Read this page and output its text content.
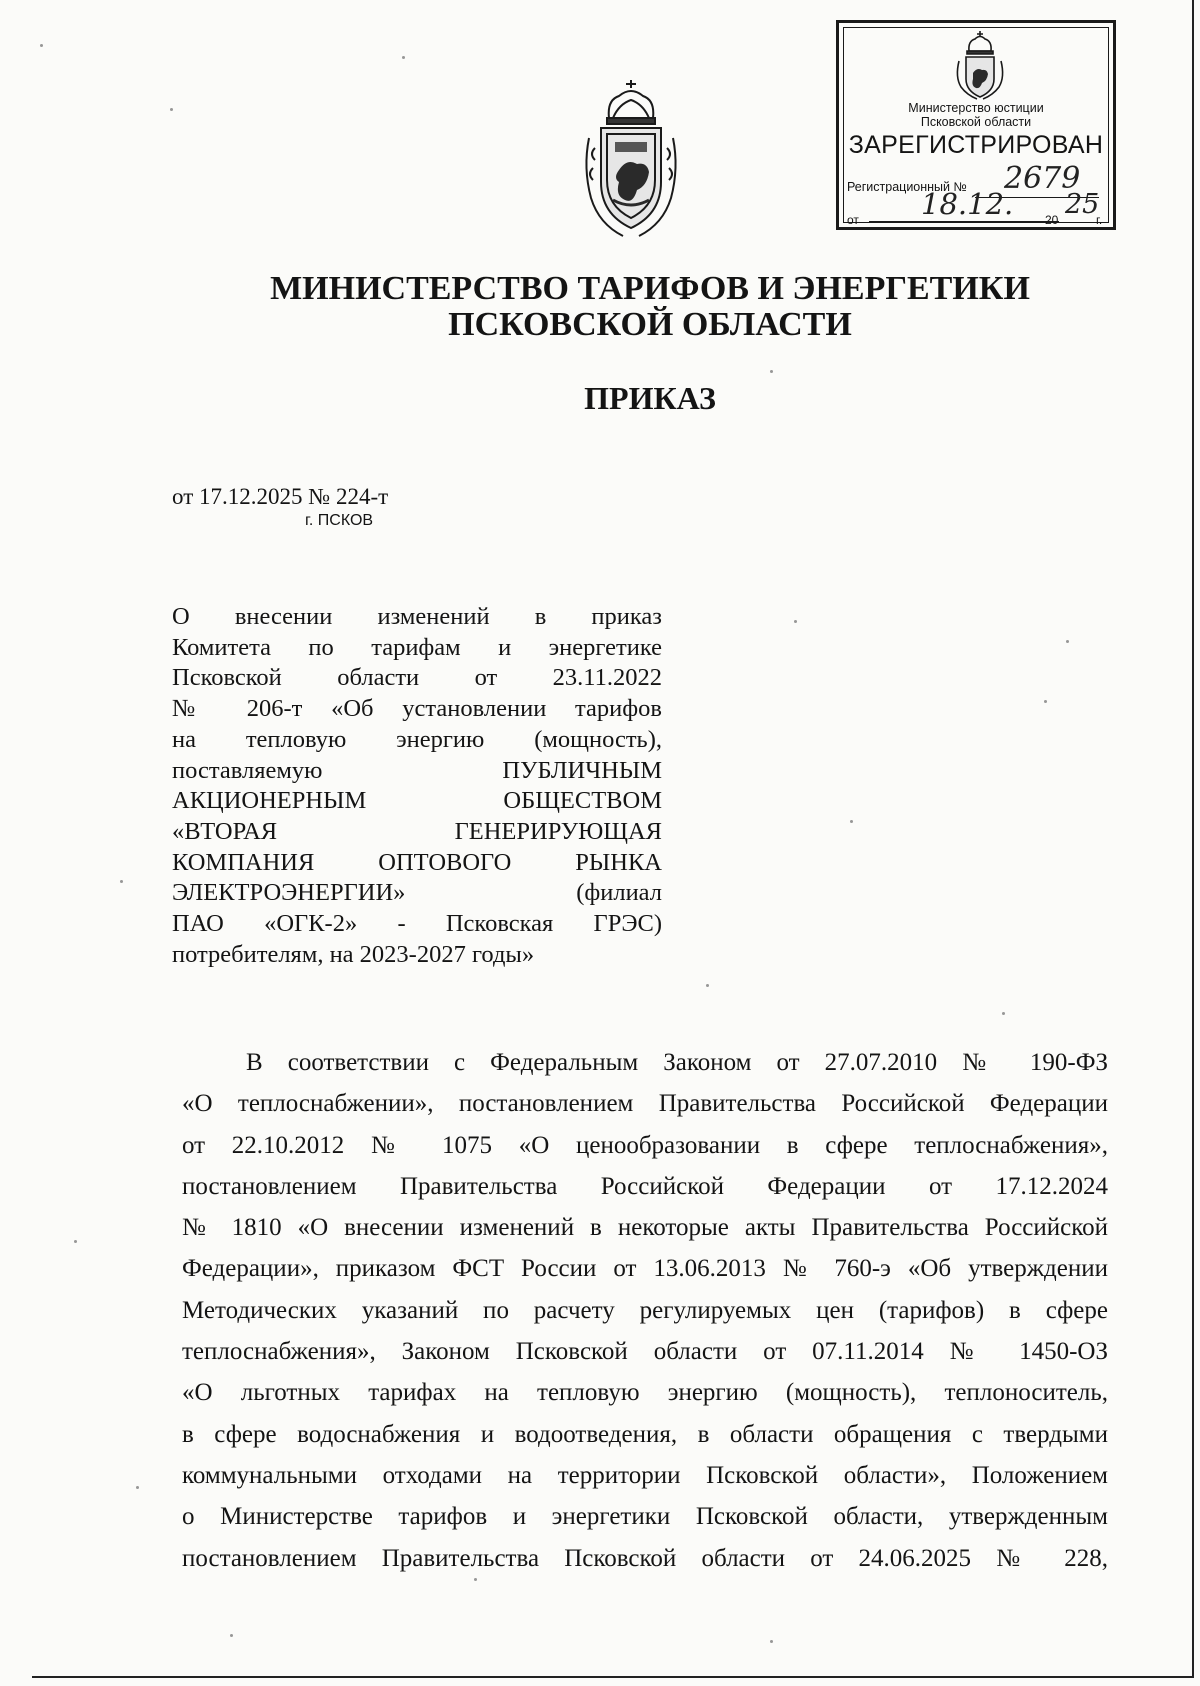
Министерство юстиции
Псковской области
ЗАРЕГИСТРИРОВАН
Регистрационный № 2679
от 18.12.	20 25
г.
МИНИСТЕРСТВО ТАРИФОВ И ЭНЕРГЕТИКИ
ПСКОВСКОЙ ОБЛАСТИ
ПРИКАЗ
от 17.12.2025 № 224-т
г. ПСКОВ
О внесении изменений в приказ
Комитета по тарифам и энергетике
Псковской области от 23.11.2022
№ 206-т «Об установлении тарифов
на тепловую энергию (мощность),
поставляемую ПУБЛИЧНЫМ
АКЦИОНЕРНЫМ ОБЩЕСТВОМ
«ВТОРАЯ ГЕНЕРИРУЮЩАЯ
КОМПАНИЯ ОПТОВОГО РЫНКА
ЭЛЕКТРОЭНЕРГИИ» (филиал
ПАО «ОГК-2» - Псковская ГРЭС)
потребителям, на 2023-2027 годы»
В соответствии с Федеральным Законом от 27.07.2010 № 190-ФЗ
«О теплоснабжении», постановлением Правительства Российской Федерации
от 22.10.2012 № 1075 «О ценообразовании в сфере теплоснабжения»,
постановлением Правительства Российской Федерации от 17.12.2024
№ 1810 «О внесении изменений в некоторые акты Правительства Российской
Федерации», приказом ФСТ России от 13.06.2013 № 760-э «Об утверждении
Методических указаний по расчету регулируемых цен (тарифов) в сфере
теплоснабжения», Законом Псковской области от 07.11.2014 № 1450-ОЗ
«О льготных тарифах на тепловую энергию (мощность), теплоноситель,
в сфере водоснабжения и водоотведения, в области обращения с твердыми
коммунальными отходами на территории Псковской области», Положением
о Министерстве тарифов и энергетики Псковской области, утвержденным
постановлением Правительства Псковской области от 24.06.2025 № 228,
